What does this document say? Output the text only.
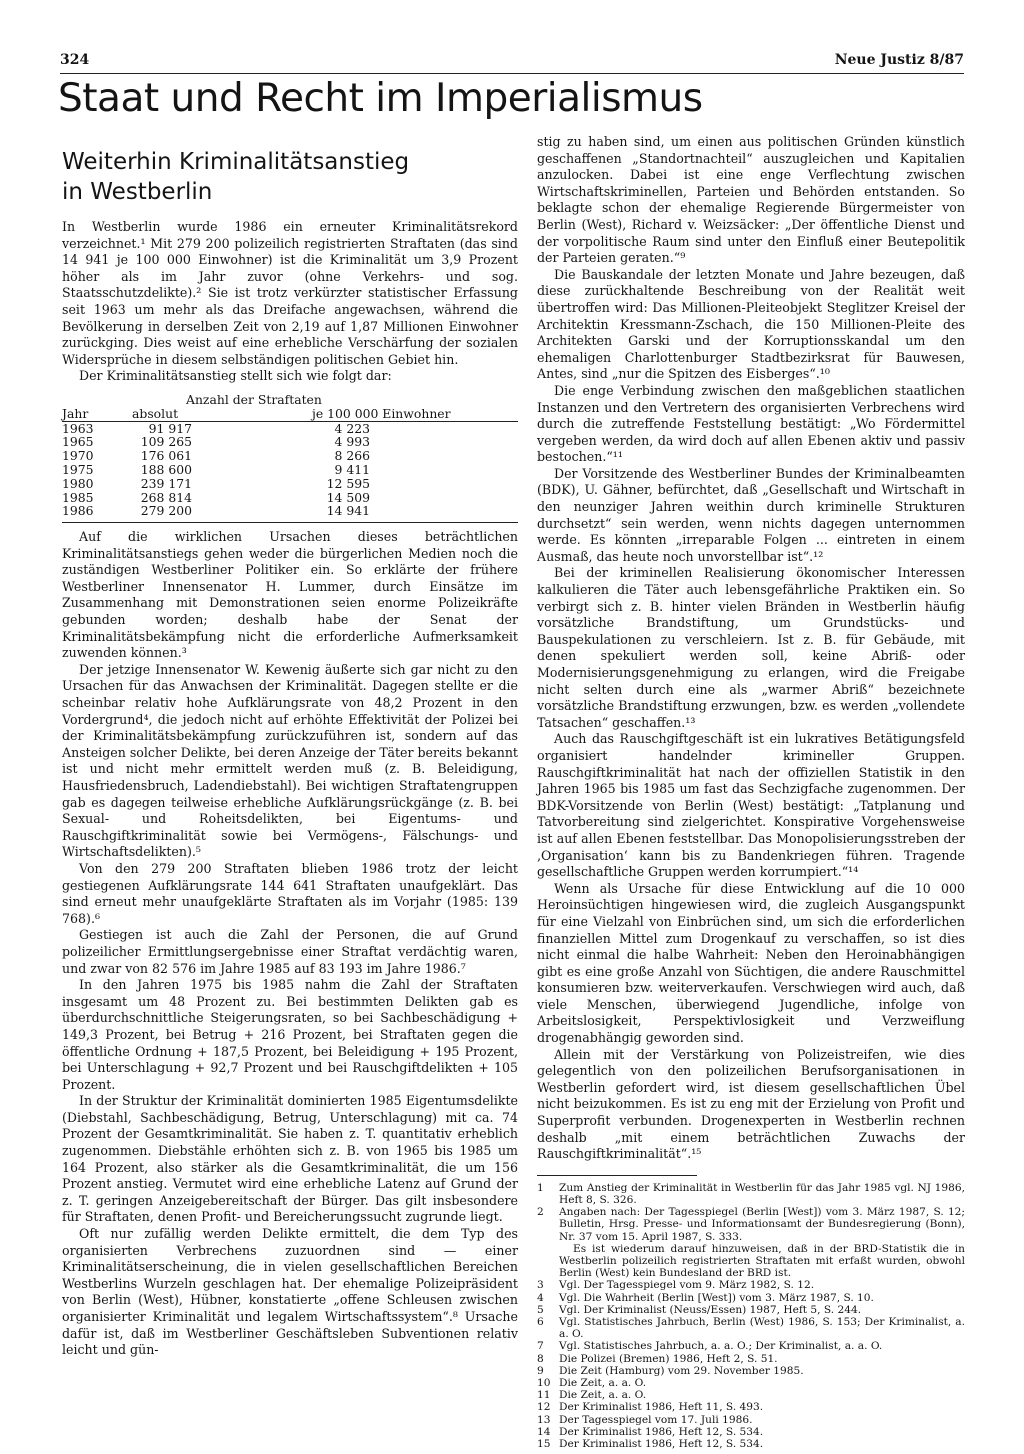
324	Neue Justiz 8/87
Staat und Recht im Imperialismus
Weiterhin Kriminalitätsanstieg
in Westberlin

In Westberlin wurde 1986 ein erneuter Kriminalitätsrekord verzeichnet.¹ Mit 279 200 polizeilich registrierten Straftaten (das sind 14 941 je 100 000 Einwohner) ist die Kriminalität um 3,9 Prozent höher als im Jahr zuvor (ohne Verkehrs- und sog. Staatsschutzdelikte).² Sie ist trotz verkürzter statistischer Erfassung seit 1963 um mehr als das Dreifache angewachsen, während die Bevölkerung in derselben Zeit von 2,19 auf 1,87 Millionen Einwohner zurückging. Dies weist auf eine erhebliche Verschärfung der sozialen Widersprüche in diesem selbständigen politischen Gebiet hin.

Der Kriminalitätsanstieg stellt sich wie folgt dar:

Anzahl der Straftaten
Jahr	absolut	je 100 000 Einwohner
1963	91 917	4 223
1965	109 265	4 993
1970	176 061	8 266
1975	188 600	9 411
1980	239 171	12 595
1985	268 814	14 509
1986	279 200	14 941

Auf die wirklichen Ursachen dieses beträchtlichen Kriminalitätsanstiegs gehen weder die bürgerlichen Medien noch die zuständigen Westberliner Politiker ein. So erklärte der frühere Westberliner Innensenator H. Lummer, durch Einsätze im Zusammenhang mit Demonstrationen seien enorme Polizeikräfte gebunden worden; deshalb habe der Senat der Kriminalitätsbekämpfung nicht die erforderliche Aufmerksamkeit zuwenden können.³

Der jetzige Innensenator W. Kewenig äußerte sich gar nicht zu den Ursachen für das Anwachsen der Kriminalität. Dagegen stellte er die scheinbar relativ hohe Aufklärungsrate von 48,2 Prozent in den Vordergrund⁴, die jedoch nicht auf erhöhte Effektivität der Polizei bei der Kriminalitätsbekämpfung zurückzuführen ist, sondern auf das Ansteigen solcher Delikte, bei deren Anzeige der Täter bereits bekannt ist und nicht mehr ermittelt werden muß (z. B. Beleidigung, Hausfriedensbruch, Ladendiebstahl). Bei wichtigen Straftatengruppen gab es dagegen teilweise erhebliche Aufklärungsrückgänge (z. B. bei Sexual- und Roheitsdelikten, bei Eigentums- und Rauschgiftkriminalität sowie bei Vermögens-, Fälschungs- und Wirtschaftsdelikten).⁵

Von den 279 200 Straftaten blieben 1986 trotz der leicht gestiegenen Aufklärungsrate 144 641 Straftaten unaufgeklärt. Das sind erneut mehr unaufgeklärte Straftaten als im Vorjahr (1985: 139 768).⁶

Gestiegen ist auch die Zahl der Personen, die auf Grund polizeilicher Ermittlungsergebnisse einer Straftat verdächtig waren, und zwar von 82 576 im Jahre 1985 auf 83 193 im Jahre 1986.⁷

In den Jahren 1975 bis 1985 nahm die Zahl der Straftaten insgesamt um 48 Prozent zu. Bei bestimmten Delikten gab es überdurchschnittliche Steigerungsraten, so bei Sachbeschädigung + 149,3 Prozent, bei Betrug + 216 Prozent, bei Straftaten gegen die öffentliche Ordnung + 187,5 Prozent, bei Beleidigung + 195 Prozent, bei Unterschlagung + 92,7 Prozent und bei Rauschgiftdelikten + 105 Prozent.

In der Struktur der Kriminalität dominierten 1985 Eigentumsdelikte (Diebstahl, Sachbeschädigung, Betrug, Unterschlagung) mit ca. 74 Prozent der Gesamtkriminalität. Sie haben z. T. quantitativ erheblich zugenommen. Diebstähle erhöhten sich z. B. von 1965 bis 1985 um 164 Prozent, also stärker als die Gesamtkriminalität, die um 156 Prozent anstieg. Vermutet wird eine erhebliche Latenz auf Grund der z. T. geringen Anzeigebereitschaft der Bürger. Das gilt insbesondere für Straftaten, denen Profit- und Bereicherungssucht zugrunde liegt.

Oft nur zufällig werden Delikte ermittelt, die dem Typ des organisierten Verbrechens zuzuordnen sind — einer Kriminalitätserscheinung, die in vielen gesellschaftlichen Bereichen Westberlins Wurzeln geschlagen hat. Der ehemalige Polizeipräsident von Berlin (West), Hübner, konstatierte „offene Schleusen zwischen organisierter Kriminalität und legalem Wirtschaftssystem“.⁸ Ursache dafür ist, daß im Westberliner Geschäftsleben Subventionen relativ leicht und gün-

stig zu haben sind, um einen aus politischen Gründen künstlich geschaffenen „Standortnachteil“ auszugleichen und Kapitalien anzulocken. Dabei ist eine enge Verflechtung zwischen Wirtschaftskriminellen, Parteien und Behörden entstanden. So beklagte schon der ehemalige Regierende Bürgermeister von Berlin (West), Richard v. Weizsäcker: „Der öffentliche Dienst und der vorpolitische Raum sind unter den Einfluß einer Beutepolitik der Parteien geraten.“⁹

Die Bauskandale der letzten Monate und Jahre bezeugen, daß diese zurückhaltende Beschreibung von der Realität weit übertroffen wird: Das Millionen-Pleiteobjekt Steglitzer Kreisel der Architektin Kressmann-Zschach, die 150 Millionen-Pleite des Architekten Garski und der Korruptionsskandal um den ehemaligen Charlottenburger Stadtbezirksrat für Bauwesen, Antes, sind „nur die Spitzen des Eisberges“.¹⁰

Die enge Verbindung zwischen den maßgeblichen staatlichen Instanzen und den Vertretern des organisierten Verbrechens wird durch die zutreffende Feststellung bestätigt: „Wo Fördermittel vergeben werden, da wird doch auf allen Ebenen aktiv und passiv bestochen.“¹¹

Der Vorsitzende des Westberliner Bundes der Kriminalbeamten (BDK), U. Gähner, befürchtet, daß „Gesellschaft und Wirtschaft in den neunziger Jahren weithin durch kriminelle Strukturen durchsetzt“ sein werden, wenn nichts dagegen unternommen werde. Es könnten „irreparable Folgen ... eintreten in einem Ausmaß, das heute noch unvorstellbar ist“.¹²

Bei der kriminellen Realisierung ökonomischer Interessen kalkulieren die Täter auch lebensgefährliche Praktiken ein. So verbirgt sich z. B. hinter vielen Bränden in Westberlin häufig vorsätzliche Brandstiftung, um Grundstücks- und Bauspekulationen zu verschleiern. Ist z. B. für Gebäude, mit denen spekuliert werden soll, keine Abriß- oder Modernisierungsgenehmigung zu erlangen, wird die Freigabe nicht selten durch eine als „warmer Abriß“ bezeichnete vorsätzliche Brandstiftung erzwungen, bzw. es werden „vollendete Tatsachen“ geschaffen.¹³

Auch das Rauschgiftgeschäft ist ein lukratives Betätigungsfeld organisiert handelnder krimineller Gruppen. Rauschgiftkriminalität hat nach der offiziellen Statistik in den Jahren 1965 bis 1985 um fast das Sechzigfache zugenommen. Der BDK-Vorsitzende von Berlin (West) bestätigt: „Tatplanung und Tatvorbereitung sind zielgerichtet. Konspirative Vorgehensweise ist auf allen Ebenen feststellbar. Das Monopolisierungsstreben der ‚Organisation‘ kann bis zu Bandenkriegen führen. Tragende gesellschaftliche Gruppen werden korrumpiert.“¹⁴

Wenn als Ursache für diese Entwicklung auf die 10 000 Heroinsüchtigen hingewiesen wird, die zugleich Ausgangspunkt für eine Vielzahl von Einbrüchen sind, um sich die erforderlichen finanziellen Mittel zum Drogenkauf zu verschaffen, so ist dies nicht einmal die halbe Wahrheit: Neben den Heroinabhängigen gibt es eine große Anzahl von Süchtigen, die andere Rauschmittel konsumieren bzw. weiterverkaufen. Verschwiegen wird auch, daß viele Menschen, überwiegend Jugendliche, infolge von Arbeitslosigkeit, Perspektivlosigkeit und Verzweiflung drogenabhängig geworden sind.

Allein mit der Verstärkung von Polizeistreifen, wie dies gelegentlich von den polizeilichen Berufsorganisationen in Westberlin gefordert wird, ist diesem gesellschaftlichen Übel nicht beizukommen. Es ist zu eng mit der Erzielung von Profit und Superprofit verbunden. Drogenexperten in Westberlin rechnen deshalb „mit einem beträchtlichen Zuwachs der Rauschgiftkriminalität“.¹⁵

1	Zum Anstieg der Kriminalität in Westberlin für das Jahr 1985 vgl. NJ 1986, Heft 8, S. 326.
2	Angaben nach: Der Tagesspiegel (Berlin [West]) vom 3. März 1987, S. 12; Bulletin, Hrsg. Presse- und Informationsamt der Bundesregierung (Bonn), Nr. 37 vom 15. April 1987, S. 333.
Es ist wiederum darauf hinzuweisen, daß in der BRD-Statistik die in Westberlin polizeilich registrierten Straftaten mit erfaßt wurden, obwohl Berlin (West) kein Bundesland der BRD ist.
3	Vgl. Der Tagesspiegel vom 9. März 1982, S. 12.
4	Vgl. Die Wahrheit (Berlin [West]) vom 3. März 1987, S. 10.
5	Vgl. Der Kriminalist (Neuss/Essen) 1987, Heft 5, S. 244.
6	Vgl. Statistisches Jahrbuch, Berlin (West) 1986, S. 153; Der Kriminalist, a. a. O.
7	Vgl. Statistisches Jahrbuch, a. a. O.; Der Kriminalist, a. a. O.
8	Die Polizei (Bremen) 1986, Heft 2, S. 51.
9	Die Zeit (Hamburg) vom 29. November 1985.
10 Die Zeit, a. a. O.
11 Die Zeit, a. a. O.
12 Der Kriminalist 1986, Heft 11, S. 493.
13 Der Tagesspiegel vom 17. Juli 1986.
14 Der Kriminalist 1986, Heft 12, S. 534.
15 Der Kriminalist 1986, Heft 12, S. 534.
